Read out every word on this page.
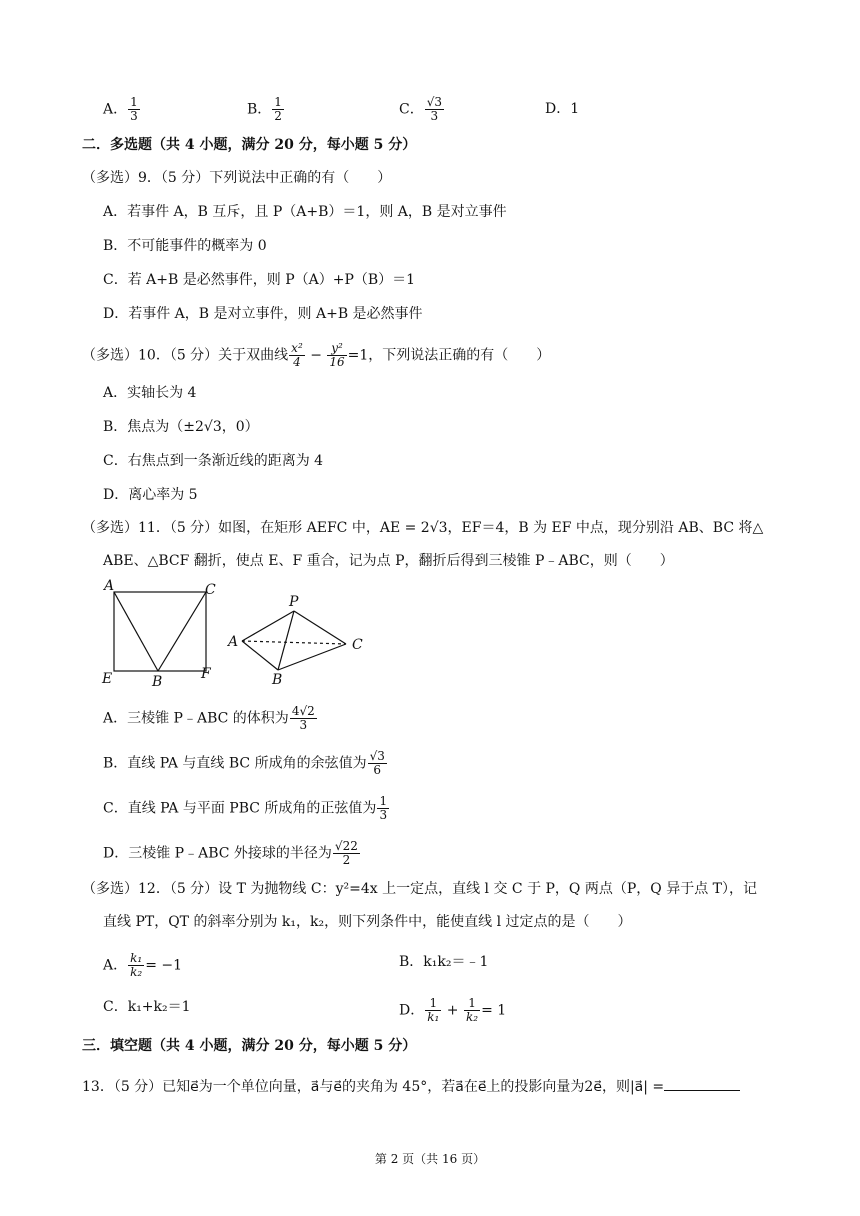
A． $\frac{1}{3}$	B． $\frac{1}{2}$	C． $\frac{√3}{3}$	D．1
二．多选题（共 4 小题，满分 20 分，每小题 5 分）
（多选）9．（5 分）下列说法中正确的有（　　）
A．若事件 A，B 互斥，且 P（A+B）＝1，则 A，B 是对立事件
B．不可能事件的概率为 0
C．若 A+B 是必然事件，则 P（A）+P（B）＝1
D．若事件 A，B 是对立事件，则 A+B 是必然事件
（多选）10．（5 分）关于双曲线 $\frac{\text{x²}}{4} - \frac{\text{y²}}{16} =1$，下列说法正确的有（　　）
A．实轴长为 4
B．焦点为（±2√3，0）
C．右焦点到一条渐近线的距离为 4
D．离心率为 5
（多选）11．（5 分）如图，在矩形 AEFC 中，AE = 2√3，EF＝4，B 为 EF 中点，现分别沿 AB、BC 将△
ABE、△BCF 翻折，使点 E、F 重合，记为点 P，翻折后得到三棱锥 P﹣ABC，则（　　）
A	C
E	B	F
P
A	C
B
A．三棱锥 P﹣ABC 的体积为 $\frac{4√2}{3}$
B．直线 PA 与直线 BC 所成角的余弦值为 $\frac{√3}{6}$
C．直线 PA 与平面 PBC 所成角的正弦值为 $\frac{1}{3}$
D．三棱锥 P﹣ABC 外接球的半径为 $\frac{√22}{2}$
（多选）12．（5 分）设 T 为抛物线 C：y²=4x 上一定点，直线 l 交 C 于 P，Q 两点（P，Q 异于点 T），记
直线 PT，QT 的斜率分别为 k₁，k₂，则下列条件中，能使直线 l 过定点的是（　　）
A． $\frac{\text{k₁}}{\text{k₂}} = -1$	B．k₁k₂＝﹣1
C．k₁+k₂＝1	D． $\frac{1}{\text{k₁}} + \frac{1}{\text{k₂}} = 1$
三．填空题（共 4 小题，满分 20 分，每小题 5 分）
13．（5 分）已知e⃗为一个单位向量，a⃗与e⃗的夹角为 45°，若a⃗在e⃗上的投影向量为2e⃗，则|a⃗| =
第 2 页（共 16 页）
